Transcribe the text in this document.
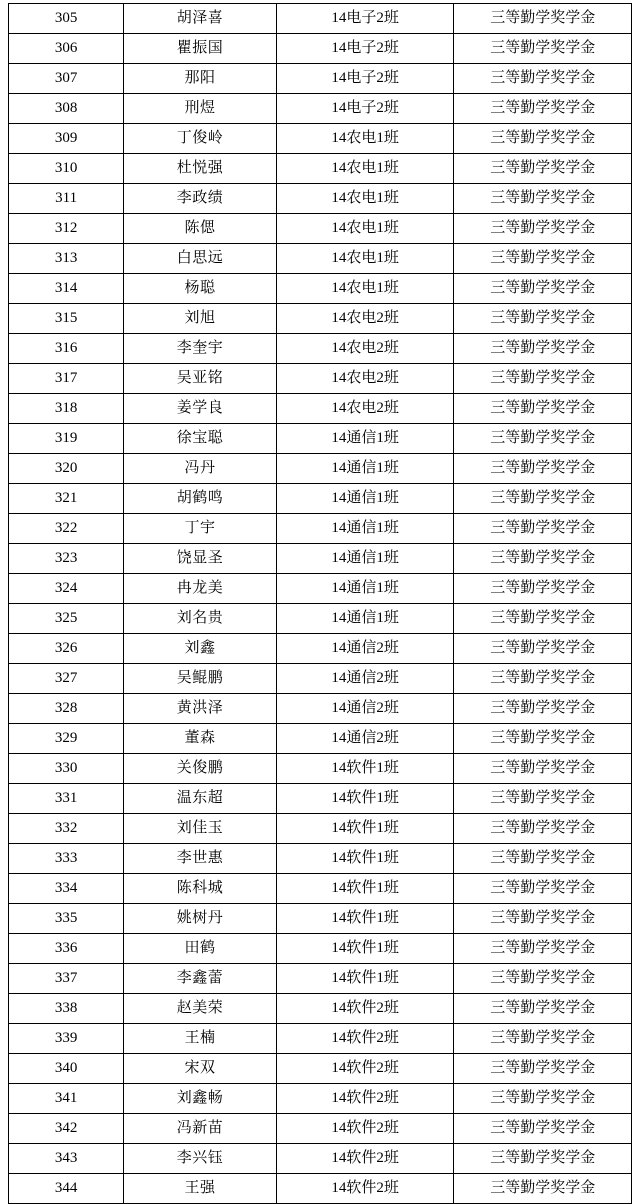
305	胡泽喜	14电子2班	三等勤学奖学金
306	瞿振国	14电子2班	三等勤学奖学金
307	那阳	14电子2班	三等勤学奖学金
308	刑煜	14电子2班	三等勤学奖学金
309	丁俊岭	14农电1班	三等勤学奖学金
310	杜悦强	14农电1班	三等勤学奖学金
311	李政绩	14农电1班	三等勤学奖学金
312	陈偲	14农电1班	三等勤学奖学金
313	白思远	14农电1班	三等勤学奖学金
314	杨聪	14农电1班	三等勤学奖学金
315	刘旭	14农电2班	三等勤学奖学金
316	李奎宇	14农电2班	三等勤学奖学金
317	吴亚铭	14农电2班	三等勤学奖学金
318	姜学良	14农电2班	三等勤学奖学金
319	徐宝聪	14通信1班	三等勤学奖学金
320	冯丹	14通信1班	三等勤学奖学金
321	胡鹤鸣	14通信1班	三等勤学奖学金
322	丁宇	14通信1班	三等勤学奖学金
323	饶显圣	14通信1班	三等勤学奖学金
324	冉龙美	14通信1班	三等勤学奖学金
325	刘名贵	14通信1班	三等勤学奖学金
326	刘鑫	14通信2班	三等勤学奖学金
327	吴鲲鹏	14通信2班	三等勤学奖学金
328	黄洪泽	14通信2班	三等勤学奖学金
329	董森	14通信2班	三等勤学奖学金
330	关俊鹏	14软件1班	三等勤学奖学金
331	温东超	14软件1班	三等勤学奖学金
332	刘佳玉	14软件1班	三等勤学奖学金
333	李世惠	14软件1班	三等勤学奖学金
334	陈科城	14软件1班	三等勤学奖学金
335	姚树丹	14软件1班	三等勤学奖学金
336	田鹤	14软件1班	三等勤学奖学金
337	李鑫蕾	14软件1班	三等勤学奖学金
338	赵美荣	14软件2班	三等勤学奖学金
339	王楠	14软件2班	三等勤学奖学金
340	宋双	14软件2班	三等勤学奖学金
341	刘鑫畅	14软件2班	三等勤学奖学金
342	冯新苗	14软件2班	三等勤学奖学金
343	李兴钰	14软件2班	三等勤学奖学金
344	王强	14软件2班	三等勤学奖学金
